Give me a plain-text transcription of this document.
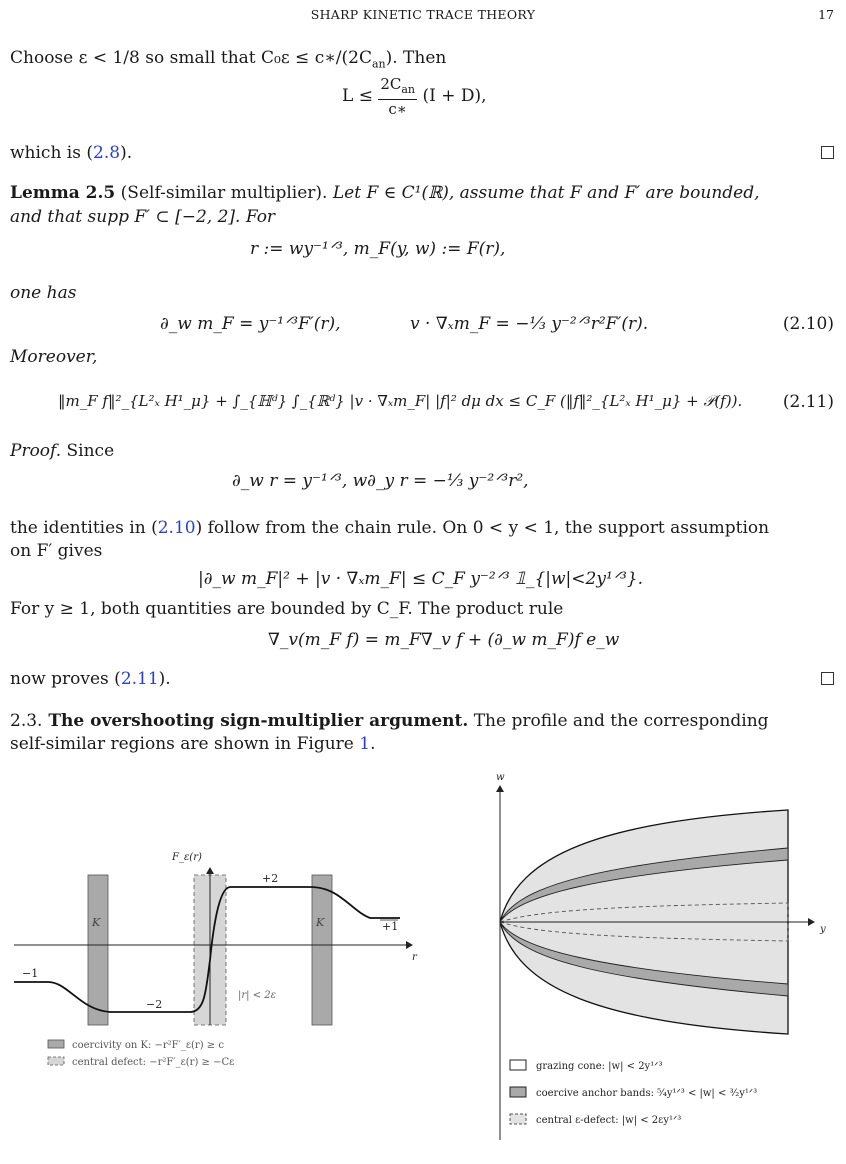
SHARP KINETIC TRACE THEORY	17
Choose ε < 1/8 so small that $C_0\varepsilon \le c∗/(2C_{an})$. Then
$L \le \frac{2C_{an}}{c∗} (I + D)$,
which is (2.8).
Lemma 2.5 (Self-similar multiplier). Let F ∈ C¹(ℝ), assume that F and F′ are bounded,
and that supp F′ ⊂ [−2, 2]. For
r := wy⁻¹ᐟ³, m_F(y, w) := F(r),
one has
∂_w m_F = y⁻¹ᐟ³F′(r),	v · ∇ₓm_F = −⅓ y⁻²ᐟ³r²F′(r).	(2.10)
Moreover,
‖m_F f‖²_{L²ₓ H¹_μ} + ∫_{ℍᵈ} ∫_{ℝᵈ} |v · ∇ₓm_F| |f|² dμ dx ≤ C_F (‖f‖²_{L²ₓ H¹_μ} + 𝒫(f)). (2.11)
Proof. Since
∂_w r = y⁻¹ᐟ³, w∂_y r = −⅓ y⁻²ᐟ³r²,
the identities in (2.10) follow from the chain rule. On 0 < y < 1, the support assumption
on F′ gives
|∂_w m_F|² + |v · ∇ₓm_F| ≤ C_F y⁻²ᐟ³ 𝟙_{|w|<2y¹ᐟ³}.
For y ≥ 1, both quantities are bounded by C_F. The product rule
∇_v(m_F f) = m_F∇_v f + (∂_w m_F)f e_w
now proves (2.11).
2.3. The overshooting sign-multiplier argument. The profile and the corresponding
self-similar regions are shown in Figure 1.
K	K
F_ε(r)
r
−1
−2
+2
+1
|r| < 2ε
coercivity on K: −r²F′_ε(r) ≥ c
central defect: −r²F′_ε(r) ≥ −Cε
w
y
grazing cone: |w| < 2y¹ᐟ³
coercive anchor bands: ⁵⁄₄y¹ᐟ³ < |w| < ³⁄₂y¹ᐟ³
central ε-defect: |w| < 2εy¹ᐟ³
